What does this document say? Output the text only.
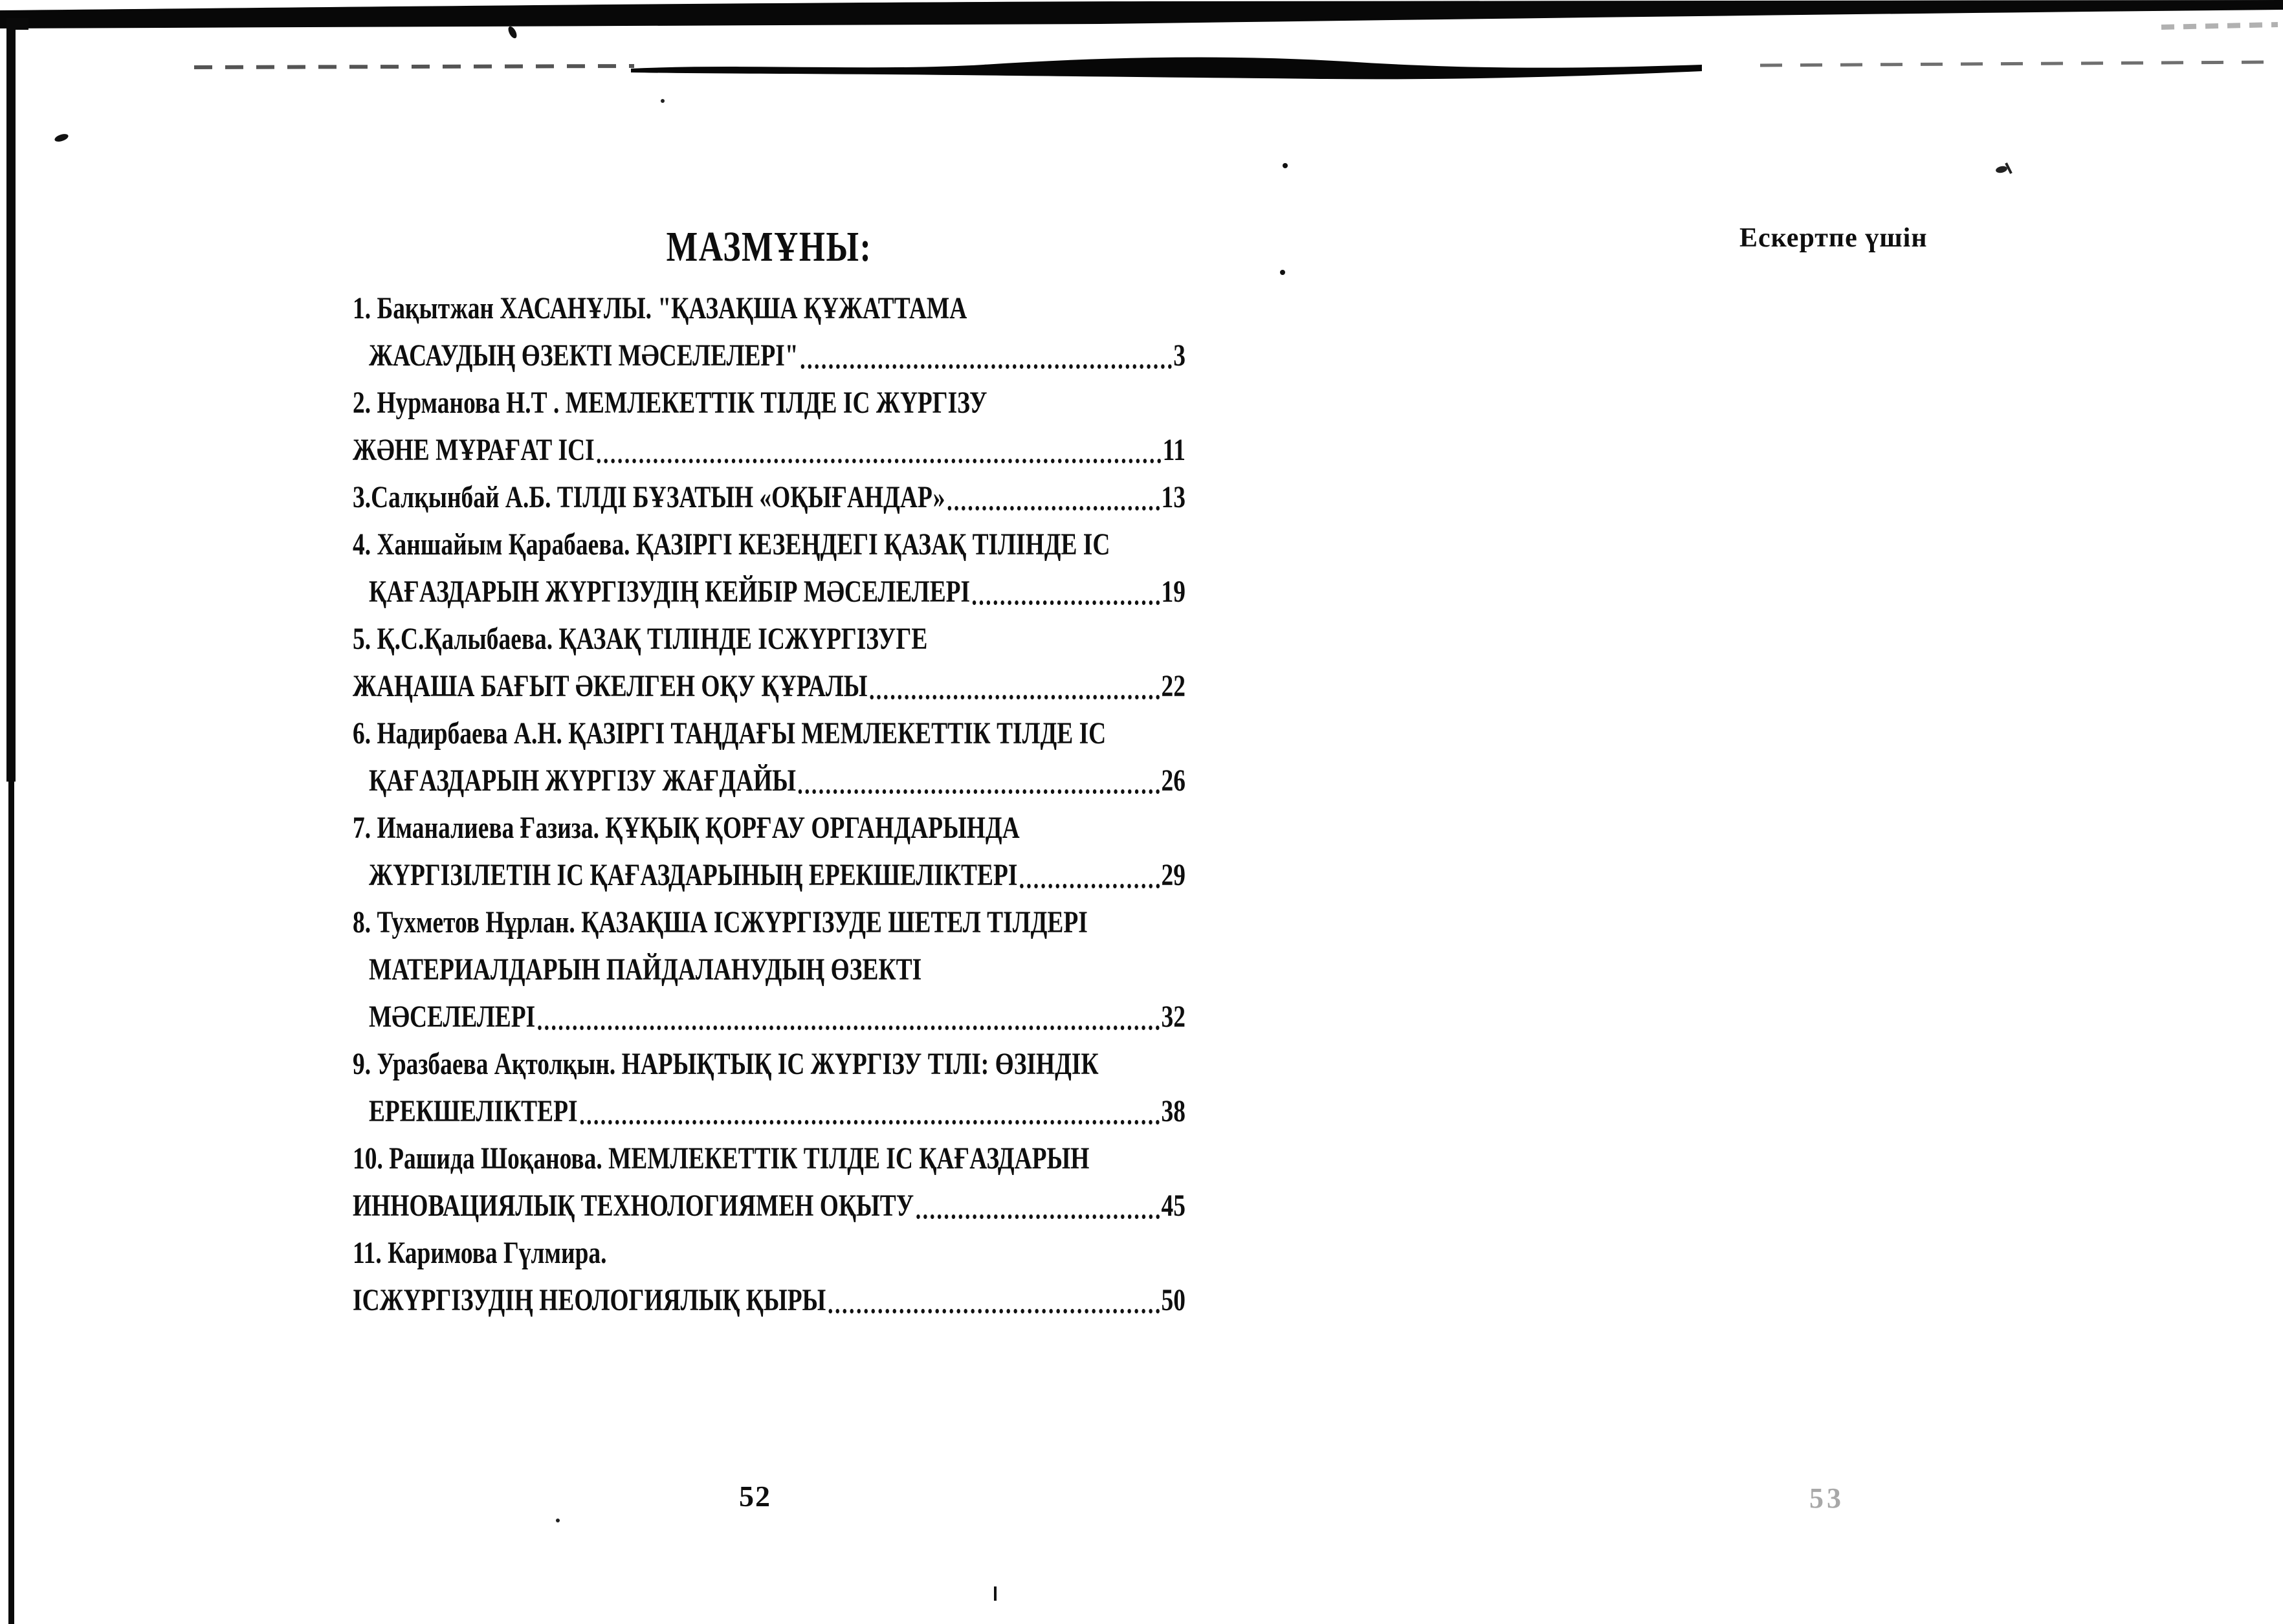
МАЗМҰНЫ:
1. Бақытжан ХАСАНҰЛЫ. "ҚАЗАҚША ҚҰЖАТТАМА
ЖАСАУДЫҢ ӨЗЕКТІ МӘСЕЛЕЛЕРІ"	3
2. Нурманова Н.Т . МЕМЛЕКЕТТІК ТІЛДЕ ІС ЖҮРГІЗУ
ЖӘНЕ МҰРАҒАТ ІСІ	11
3.Салқынбай А.Б. ТІЛДІ БҰЗАТЫН «ОҚЫҒАНДАР»	13
4. Ханшайым Қарабаева. ҚАЗІРГІ КЕЗЕҢДЕГІ ҚАЗАҚ ТІЛІНДЕ ІС
ҚАҒАЗДАРЫН ЖҮРГІЗУДІҢ КЕЙБІР МӘСЕЛЕЛЕРІ	19
5. Қ.С.Қалыбаева. ҚАЗАҚ ТІЛІНДЕ ІСЖҮРГІЗУГЕ
ЖАҢАША БАҒЫТ ӘКЕЛГЕН ОҚУ ҚҰРАЛЫ	22
6. Надирбаева А.Н. ҚАЗІРГІ ТАҢДАҒЫ МЕМЛЕКЕТТІК ТІЛДЕ ІС
ҚАҒАЗДАРЫН ЖҮРГІЗУ ЖАҒДАЙЫ	26
7. Иманалиева Ғазиза. ҚҰҚЫҚ ҚОРҒАУ ОРГАНДАРЫНДА
ЖҮРГІЗІЛЕТІН ІС ҚАҒАЗДАРЫНЫҢ ЕРЕКШЕЛІКТЕРІ	29
8. Тухметов Нұрлан. ҚАЗАҚША ІСЖҮРГІЗУДЕ ШЕТЕЛ ТІЛДЕРІ
МАТЕРИАЛДАРЫН ПАЙДАЛАНУДЫҢ ӨЗЕКТІ
МӘСЕЛЕЛЕРІ	32
9. Уразбаева Ақтолқын. НАРЫҚТЫҚ ІС ЖҮРГІЗУ ТІЛІ: ӨЗІНДІК
ЕРЕКШЕЛІКТЕРІ	38
10. Рашида Шоқанова. МЕМЛЕКЕТТІК ТІЛДЕ ІС ҚАҒАЗДАРЫН
ИННОВАЦИЯЛЫҚ ТЕХНОЛОГИЯМЕН ОҚЫТУ	45
11. Каримова Гүлмира.
ІСЖҮРГІЗУДІҢ НЕОЛОГИЯЛЫҚ ҚЫРЫ	50
Ескертпе үшін
52	53
